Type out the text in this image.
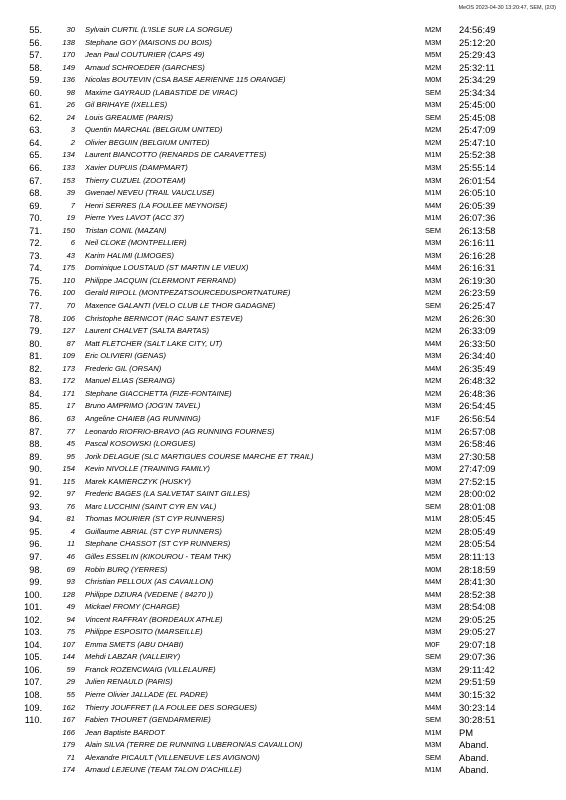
MeOS 2023-04-30 13:20:47, SEM, (2/3)
55.	30 Sylvain CURTIL (L'ISLE SUR LA SORGUE)	M2M 24:56:49
56.	138 Stephane GOY (MAISONS DU BOIS)	M3M 25:12:20
57.	170 Jean Paul COUTURIER (CAPS 49)	M5M 25:29:43
58.	149 Arnaud SCHROEDER (GARCHES)	M2M 25:32:11
59.	136 Nicolas BOUTEVIN (CSA BASE AERIENNE 115 ORANGE)	M0M 25:34:29
60.	98 Maxime GAYRAUD (LABASTIDE DE VIRAC)	SEM 25:34:34
61.	26 Gil BRIHAYE (IXELLES)	M3M 25:45:00
62.	24 Louis GREAUME (PARIS)	SEM 25:45:08
63.	3 Quentin MARCHAL (BELGIUM UNITED)	M2M 25:47:09
64.	2 Olivier BEGUIN (BELGIUM UNITED)	M2M 25:47:10
65.	134 Laurent BIANCOTTO (RENARDS DE CARAVETTES)	M1M 25:52:38
66.	133 Xavier DUPUIS (DAMPMART)	M3M 25:55:14
67.	153 Thierry CUZUEL (ZOOTEAM)	M3M 26:01:54
68.	39 Gwenael NEVEU (TRAIL VAUCLUSE)	M1M 26:05:10
69.	7 Henri SERRES (LA FOULEE MEYNOISE)	M4M 26:05:39
70.	19 Pierre Yves LAVOT (ACC 37)	M1M 26:07:36
71.	150 Tristan CONIL (MAZAN)	SEM 26:13:58
72.	6 Neil CLOKE (MONTPELLIER)	M3M 26:16:11
73.	43 Karim HALIMI (LIMOGES)	M3M 26:16:28
74.	175 Dominique LOUSTAUD (ST MARTIN LE VIEUX)	M4M 26:16:31
75.	110 Philippe JACQUIN (CLERMONT FERRAND)	M3M 26:19:30
76.	100 Gerald RIPOLL (MONTPEZATSOURCEDUSPORTNATURE)	M2M 26:23:59
77.	70 Maxence GALANTI (VELO CLUB LE THOR GADAGNE)	SEM 26:25:47
78.	106 Christophe BERNICOT (RAC SAINT ESTEVE)	M2M 26:26:30
79.	127 Laurent CHALVET (SALTA BARTAS)	M2M 26:33:09
80.	87 Matt FLETCHER (SALT LAKE CITY, UT)	M4M 26:33:50
81.	109 Eric OLIVIERI (GENAS)	M3M 26:34:40
82.	173 Frederic GIL (ORSAN)	M4M 26:35:49
83.	172 Manuel ELIAS (SERAING)	M2M 26:48:32
84.	171 Stephane GIACCHETTA (FIZE-FONTAINE)	M2M 26:48:36
85.	17 Bruno AMPRIMO (JOG'IN TAVEL)	M3M 26:54:45
86.	63 Angeline CHAIEB (AG RUNNING)	M1F 26:56:54
87.	77 Leonardo RIOFRIO-BRAVO (AG RUNNING FOURNES)	M1M 26:57:08
88.	45 Pascal KOSOWSKI (LORGUES)	M3M 26:58:46
89.	95 Jorik DELAGUE (SLC MARTIGUES COURSE MARCHE ET TRAIL)	M3M 27:30:58
90.	154 Kevin NIVOLLE (TRAINING FAMILY)	M0M 27:47:09
91.	115 Marek KAMIERCZYK (HUSKY)	M3M 27:52:15
92.	97 Frederic BAGES (LA SALVETAT SAINT GILLES)	M2M 28:00:02
93.	76 Marc LUCCHINI (SAINT CYR EN VAL)	SEM 28:01:08
94.	81 Thomas MOURIER (ST CYP RUNNERS)	M1M 28:05:45
95.	4 Guillaume ABRIAL (ST CYP RUNNERS)	M2M 28:05:49
96.	11 Stephane CHASSOT (ST CYP RUNNERS)	M2M 28:05:54
97.	46 Gilles ESSELIN (KIKOUROU - TEAM THK)	M5M 28:11:13
98.	69 Robin BURQ (YERRES)	M0M 28:18:59
99.	93 Christian PELLOUX (AS CAVAILLON)	M4M 28:41:30
100.	128 Philippe DZIURA (VEDENE ( 84270 ))	M4M 28:52:38
101.	49 Mickael FROMY (CHARGE)	M3M 28:54:08
102.	94 Vincent RAFFRAY (BORDEAUX ATHLE)	M2M 29:05:25
103.	75 Philippe ESPOSITO (MARSEILLE)	M3M 29:05:27
104.	107 Emma SMETS (ABU DHABI)	M0F 29:07:18
105.	144 Mehdi LABZAR (VALLEIRY)	SEM 29:07:36
106.	59 Franck ROZENCWAIG (VILLELAURE)	M3M 29:11:42
107.	29 Julien RENAULD (PARIS)	M2M 29:51:59
108.	55 Pierre Olivier JALLADE (EL PADRE)	M4M 30:15:32
109.	162 Thierry JOUFFRET (LA FOULEE DES SORGUES)	M4M 30:23:14
110.	167 Fabien THOURET (GENDARMERIE)	SEM 30:28:51
166 Jean Baptiste BARDOT	M1M PM
179 Alain SILVA (TERRE DE RUNNING LUBERON/AS CAVAILLON)	M3M Aband.
71 Alexandre PICAULT (VILLENEUVE LES AVIGNON)	SEM Aband.
174 Arnaud LEJEUNE (TEAM TALON D'ACHILLE)	M1M Aband.
